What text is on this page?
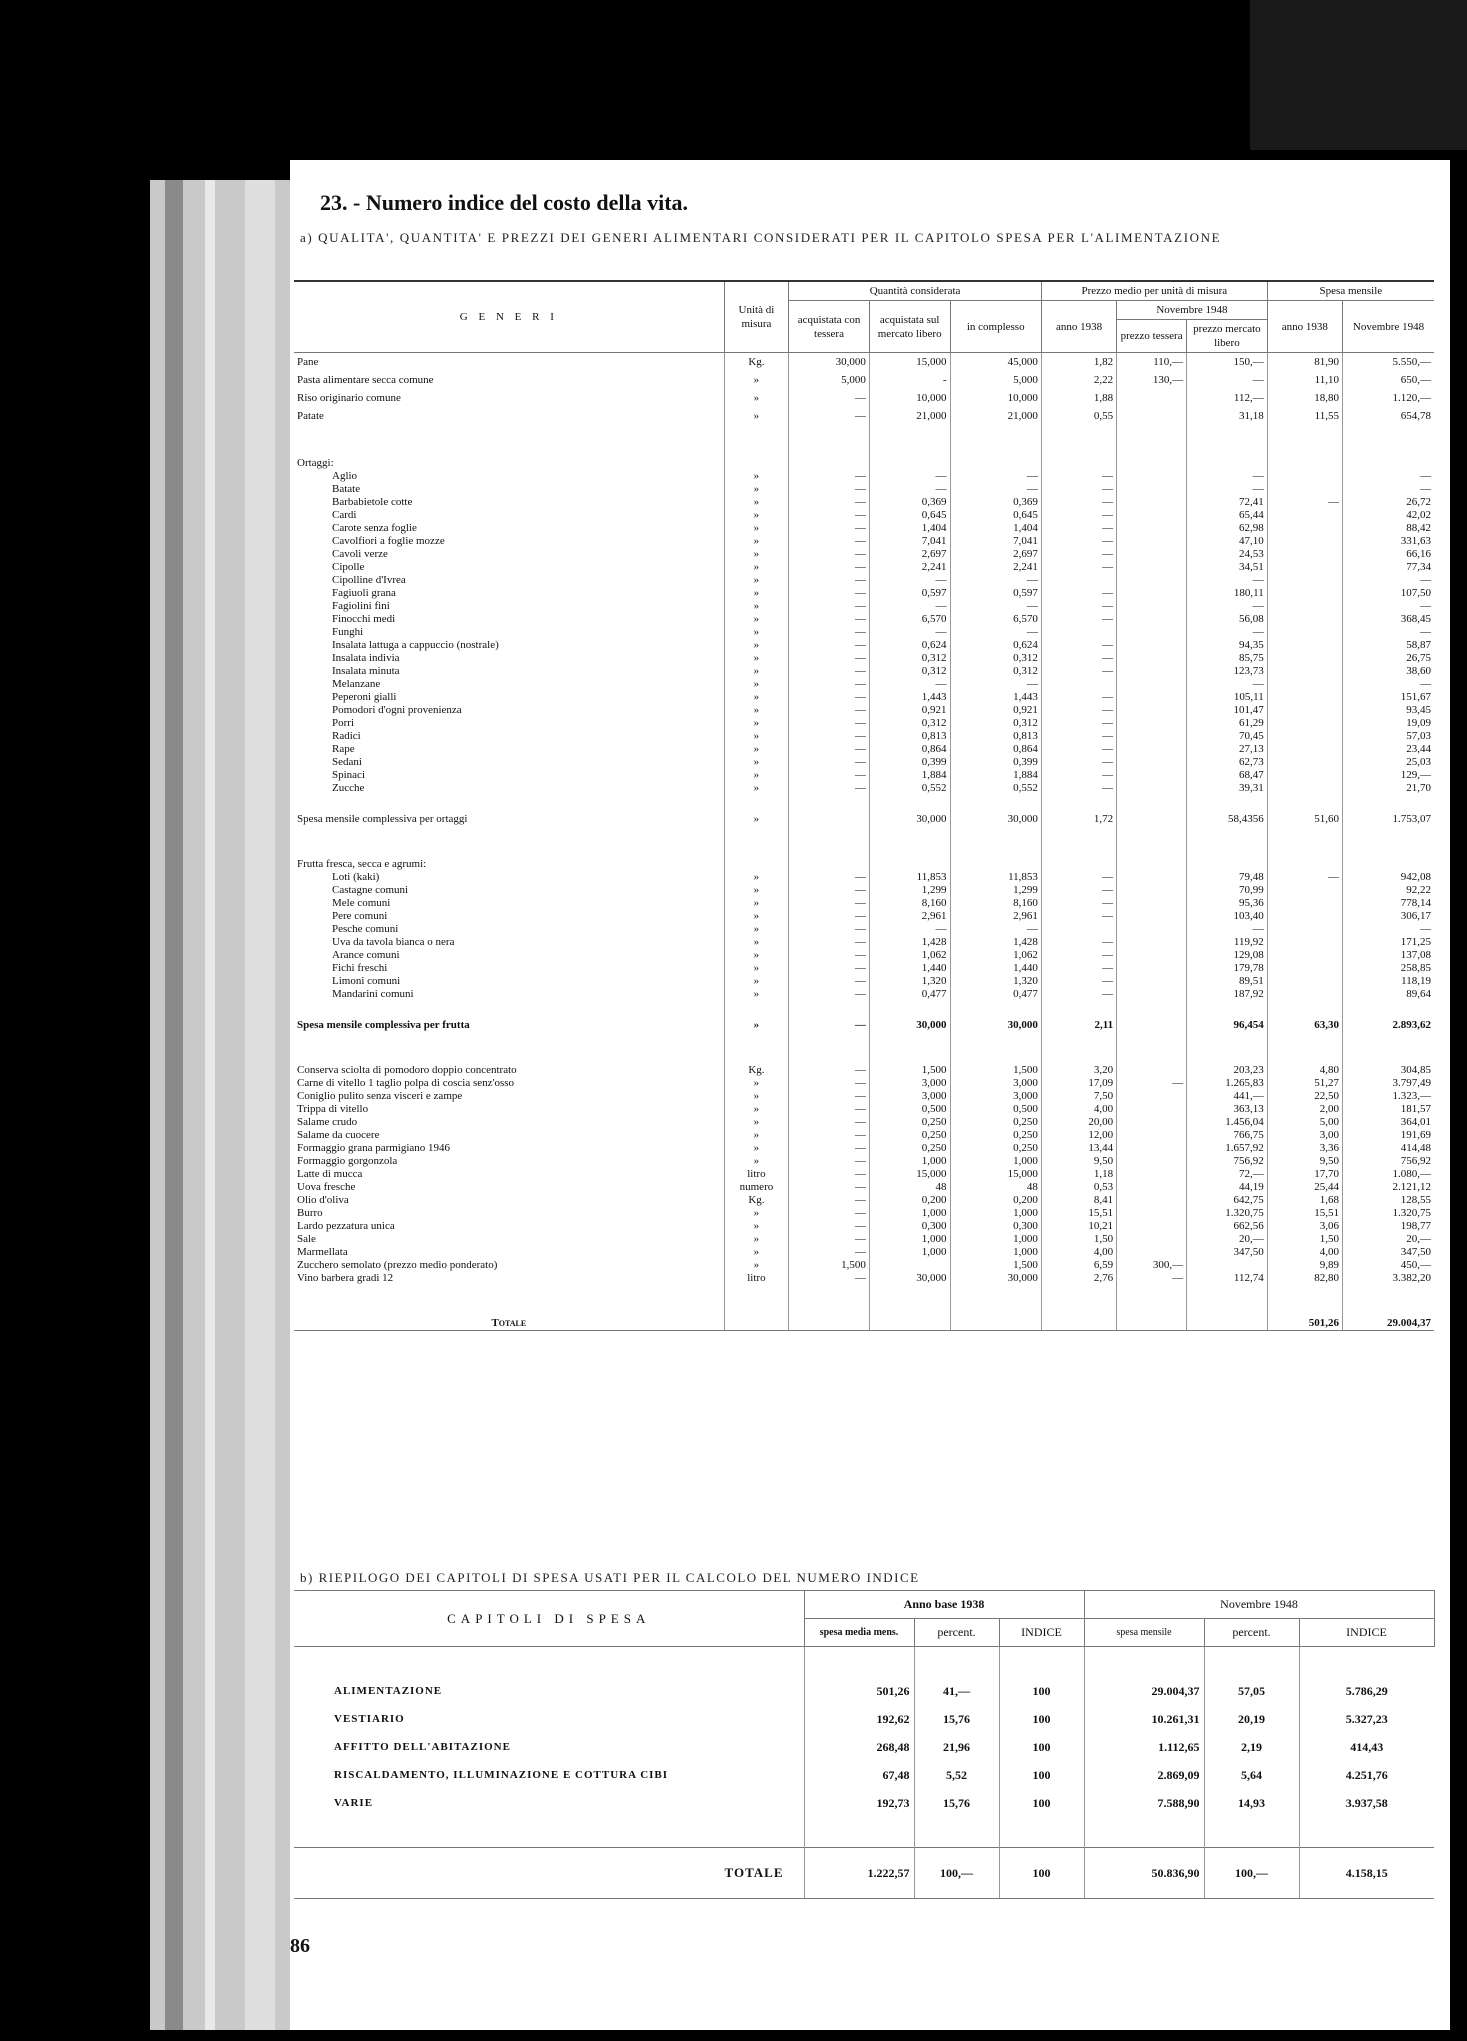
23. - Numero indice del costo della vita.
a) QUALITA', QUANTITA' E PREZZI DEI GENERI ALIMENTARI CONSIDERATI PER IL CAPITOLO SPESA PER L'ALIMENTAZIONE
G E N E R I	Unità di misura	Quantità considerata			Prezzo medio per unità di misura			Spesa mensile	
		acquistata con tessera	acquistata sul mercato libero	in complesso	anno 1938	Novembre 1948		anno 1938	Novembre 1948
						prezzo tessera	prezzo mercato libero		
Pane	Kg.	30,000	15,000	45,000	1,82	110,—	150,—	81,90	5.550,—
Pasta alimentare secca comune	»	5,000	-	5,000	2,22	130,—	—	11,10	650,—
Riso originario comune	»	—	10,000	10,000	1,88		112,—	18,80	1.120,—
Patate	»	—	21,000	21,000	0,55		31,18	11,55	654,78

Ortaggi:									
Aglio	»	—	—	—	—		—		—
Batate	»	—	—	—	—		—		—
Barbabietole cotte	»	—	0,369	0,369	—		72,41	—	26,72
Cardi	»	—	0,645	0,645	—		65,44		42,02
Carote senza foglie	»	—	1,404	1,404	—		62,98		88,42
Cavolfiori a foglie mozze	»	—	7,041	7,041	—		47,10		331,63
Cavoli verze	»	—	2,697	2,697	—		24,53		66,16
Cipolle	»	—	2,241	2,241	—		34,51		77,34
Cipolline d'Ivrea	»	—	—	—			—		—
Fagiuoli grana	»	—	0,597	0,597	—		180,11		107,50
Fagiolini fini	»	—	—	—	—		—		—
Finocchi medi	»	—	6,570	6,570	—		56,08		368,45
Funghi	»	—	—	—			—		—
Insalata lattuga a cappuccio (nostrale)	»	—	0,624	0,624	—		94,35		58,87
Insalata indivia	»	—	0,312	0,312	—		85,75		26,75
Insalata minuta	»	—	0,312	0,312	—		123,73		38,60
Melanzane	»	—	—	—			—		—
Peperoni gialli	»	—	1,443	1,443	—		105,11		151,67
Pomodori d'ogni provenienza	»	—	0,921	0,921	—		101,47		93,45
Porri	»	—	0,312	0,312	—		61,29		19,09
Radici	»	—	0,813	0,813	—		70,45		57,03
Rape	»	—	0,864	0,864	—		27,13		23,44
Sedani	»	—	0,399	0,399	—		62,73		25,03
Spinaci	»	—	1,884	1,884	—		68,47		129,—
Zucche	»	—	0,552	0,552	—		39,31		21,70

Spesa mensile complessiva per ortaggi	»		30,000	30,000	1,72		58,4356	51,60	1.753,07

Frutta fresca, secca e agrumi:									
Loti (kaki)	»	—	11,853	11,853	—		79,48	—	942,08
Castagne comuni	»	—	1,299	1,299	—		70,99		92,22
Mele comuni	»	—	8,160	8,160	—		95,36		778,14
Pere comuni	»	—	2,961	2,961	—		103,40		306,17
Pesche comuni	»	—	—	—			—		—
Uva da tavola bianca o nera	»	—	1,428	1,428	—		119,92		171,25
Arance comuni	»	—	1,062	1,062	—		129,08		137,08
Fichi freschi	»	—	1,440	1,440	—		179,78		258,85
Limoni comuni	»	—	1,320	1,320	—		89,51		118,19
Mandarini comuni	»	—	0,477	0,477	—		187,92		89,64

Spesa mensile complessiva per frutta	»	—	30,000	30,000	2,11		96,454	63,30	2.893,62

Conserva sciolta di pomodoro doppio concentrato	Kg.	—	1,500	1,500	3,20		203,23	4,80	304,85
Carne di vitello 1 taglio polpa di coscia senz'osso	»	—	3,000	3,000	17,09	—	1.265,83	51,27	3.797,49
Coniglio pulito senza visceri e zampe	»	—	3,000	3,000	7,50		441,—	22,50	1.323,—
Trippa di vitello	»	—	0,500	0,500	4,00		363,13	2,00	181,57
Salame crudo	»	—	0,250	0,250	20,00		1.456,04	5,00	364,01
Salame da cuocere	»	—	0,250	0,250	12,00		766,75	3,00	191,69
Formaggio grana parmigiano 1946	»	—	0,250	0,250	13,44		1.657,92	3,36	414,48
Formaggio gorgonzola	»	—	1,000	1,000	9,50		756,92	9,50	756,92
Latte di mucca	litro	—	15,000	15,000	1,18		72,—	17,70	1.080,—
Uova fresche	numero	—	48	48	0,53		44,19	25,44	2.121,12
Olio d'oliva	Kg.	—	0,200	0,200	8,41		642,75	1,68	128,55
Burro	»	—	1,000	1,000	15,51		1.320,75	15,51	1.320,75
Lardo pezzatura unica	»	—	0,300	0,300	10,21		662,56	3,06	198,77
Sale	»	—	1,000	1,000	1,50		20,—	1,50	20,—
Marmellata	»	—	1,000	1,000	4,00		347,50	4,00	347,50
Zucchero semolato (prezzo medio ponderato)	»	1,500		1,500	6,59	300,—		9,89	450,—
Vino barbera gradi 12	litro	—	30,000	30,000	2,76	—	112,74	82,80	3.382,20

Totale								501,26	29.004,37
b) RIEPILOGO DEI CAPITOLI DI SPESA USATI PER IL CALCOLO DEL NUMERO INDICE
CAPITOLI DI SPESA	Anno base 1938			Novembre 1948		
	spesa media mens.	percent.	INDICE	spesa mensile	percent.	INDICE

ALIMENTAZIONE	501,26	41,—	100	29.004,37	57,05	5.786,29
VESTIARIO	192,62	15,76	100	10.261,31	20,19	5.327,23
AFFITTO DELL'ABITAZIONE	268,48	21,96	100	1.112,65	2,19	414,43
RISCALDAMENTO, ILLUMINAZIONE E COTTURA CIBI	67,48	5,52	100	2.869,09	5,64	4.251,76
VARIE	192,73	15,76	100	7.588,90	14,93	3.937,58

TOTALE	1.222,57	100,—	100	50.836,90	100,—	4.158,15
86
